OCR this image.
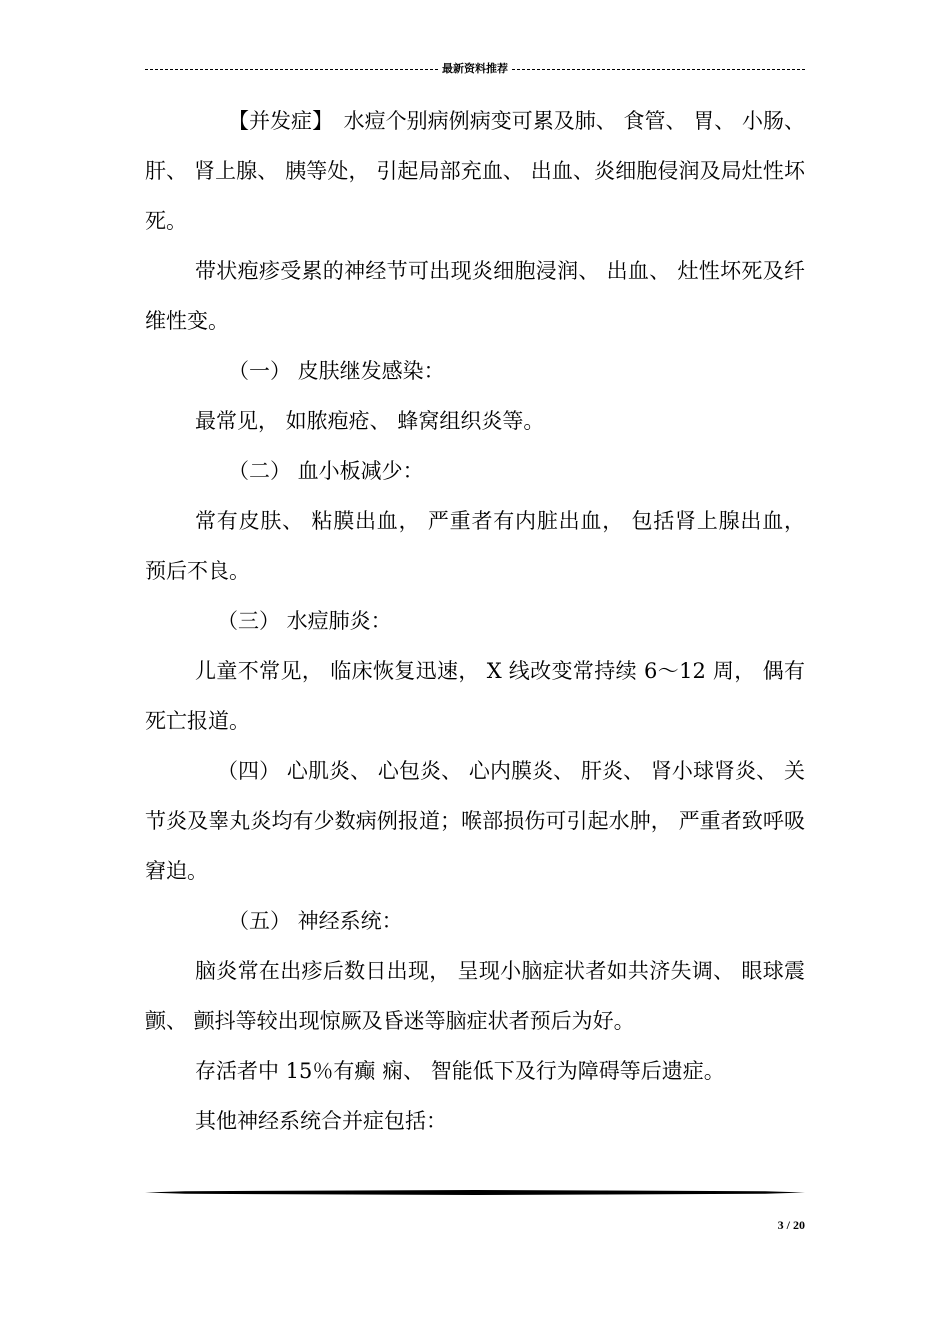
最新资料推荐

【并发症】　水痘个别病例病变可累及肺、 食管、 胃、 小肠、 肝、 肾上腺、 胰等处， 引起局部充血、 出血、炎细胞侵润及局灶性坏死。

带状疱疹受累的神经节可出现炎细胞浸润、 出血、 灶性坏死及纤维性变。

（一） 皮肤继发感染：

最常见， 如脓疱疮、 蜂窝组织炎等。

（二） 血小板减少：

常有皮肤、 粘膜出血， 严重者有内脏出血， 包括肾上腺出血， 预后不良。

（三） 水痘肺炎：

儿童不常见， 临床恢复迅速， X 线改变常持续 6～12 周， 偶有死亡报道。

（四） 心肌炎、 心包炎、 心内膜炎、 肝炎、 肾小球肾炎、 关节炎及睾丸炎均有少数病例报道；喉部损伤可引起水肿， 严重者致呼吸窘迫。

（五） 神经系统：

脑炎常在出疹后数日出现， 呈现小脑症状者如共济失调、 眼球震颤、 颤抖等较出现惊厥及昏迷等脑症状者预后为好。

存活者中 15％有癫 痫、 智能低下及行为障碍等后遗症。

其他神经系统合并症包括：

3 / 20
